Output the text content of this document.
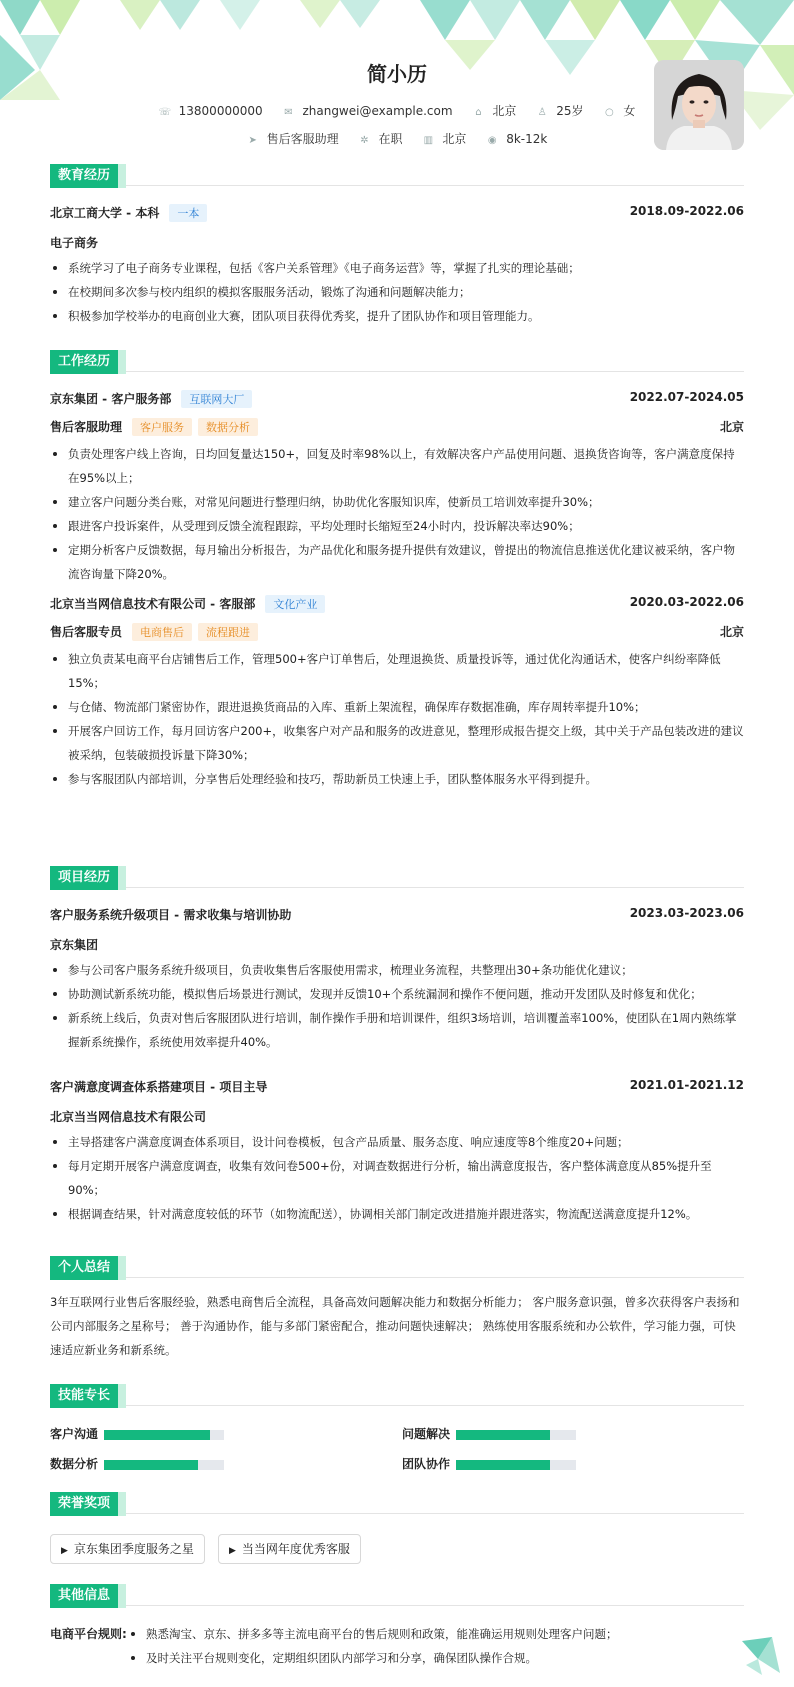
简小历
☏ 13800000000 ✉ zhangwei@example.com ⌂ 北京 ♙ 25岁 ○ 女
➤ 售后客服助理 ✲ 在职 ▥ 北京 ◉ 8k-12k
教育经历
北京工商大学 - 本科 一本	2018.09-2022.06
电子商务
系统学习了电子商务专业课程，包括《客户关系管理》《电子商务运营》等，掌握了扎实的理论基础；
在校期间多次参与校内组织的模拟客服服务活动，锻炼了沟通和问题解决能力；
积极参加学校举办的电商创业大赛，团队项目获得优秀奖，提升了团队协作和项目管理能力。
工作经历
京东集团 - 客户服务部 互联网大厂	2022.07-2024.05
售后客服助理 客户服务 数据分析	北京
负责处理客户线上咨询，日均回复量达150+，回复及时率98%以上，有效解决客户产品使用问题、退换货咨询等，客户满意度保持在95%以上；
建立客户问题分类台账，对常见问题进行整理归纳，协助优化客服知识库，使新员工培训效率提升30%；
跟进客户投诉案件，从受理到反馈全流程跟踪，平均处理时长缩短至24小时内，投诉解决率达90%；
定期分析客户反馈数据，每月输出分析报告，为产品优化和服务提升提供有效建议，曾提出的物流信息推送优化建议被采纳，客户物流咨询量下降20%。
北京当当网信息技术有限公司 - 客服部 文化产业	2020.03-2022.06
售后客服专员 电商售后 流程跟进	北京
独立负责某电商平台店铺售后工作，管理500+客户订单售后，处理退换货、质量投诉等，通过优化沟通话术，使客户纠纷率降低15%；
与仓储、物流部门紧密协作，跟进退换货商品的入库、重新上架流程，确保库存数据准确，库存周转率提升10%；
开展客户回访工作，每月回访客户200+，收集客户对产品和服务的改进意见，整理形成报告提交上级，其中关于产品包装改进的建议被采纳，包装破损投诉量下降30%；
参与客服团队内部培训，分享售后处理经验和技巧，帮助新员工快速上手，团队整体服务水平得到提升。
项目经历
客户服务系统升级项目 - 需求收集与培训协助	2023.03-2023.06
京东集团
参与公司客户服务系统升级项目，负责收集售后客服使用需求，梳理业务流程，共整理出30+条功能优化建议；
协助测试新系统功能，模拟售后场景进行测试，发现并反馈10+个系统漏洞和操作不便问题，推动开发团队及时修复和优化；
新系统上线后，负责对售后客服团队进行培训，制作操作手册和培训课件，组织3场培训，培训覆盖率100%，使团队在1周内熟练掌握新系统操作，系统使用效率提升40%。
客户满意度调查体系搭建项目 - 项目主导	2021.01-2021.12
北京当当网信息技术有限公司
主导搭建客户满意度调查体系项目，设计问卷模板，包含产品质量、服务态度、响应速度等8个维度20+问题；
每月定期开展客户满意度调查，收集有效问卷500+份，对调查数据进行分析，输出满意度报告，客户整体满意度从85%提升至90%；
根据调查结果，针对满意度较低的环节（如物流配送），协调相关部门制定改进措施并跟进落实，物流配送满意度提升12%。
个人总结
3年互联网行业售后客服经验，熟悉电商售后全流程，具备高效问题解决能力和数据分析能力； 客户服务意识强，曾多次获得客户表扬和公司内部服务之星称号； 善于沟通协作，能与多部门紧密配合，推动问题快速解决； 熟练使用客服系统和办公软件，学习能力强，可快速适应新业务和新系统。
技能专长
客户沟通	问题解决
数据分析	团队协作
荣誉奖项
▶ 京东集团季度服务之星	▶ 当当网年度优秀客服
其他信息
电商平台规则:	熟悉淘宝、京东、拼多多等主流电商平台的售后规则和政策，能准确运用规则处理客户问题；
及时关注平台规则变化，定期组织团队内部学习和分享，确保团队操作合规。
